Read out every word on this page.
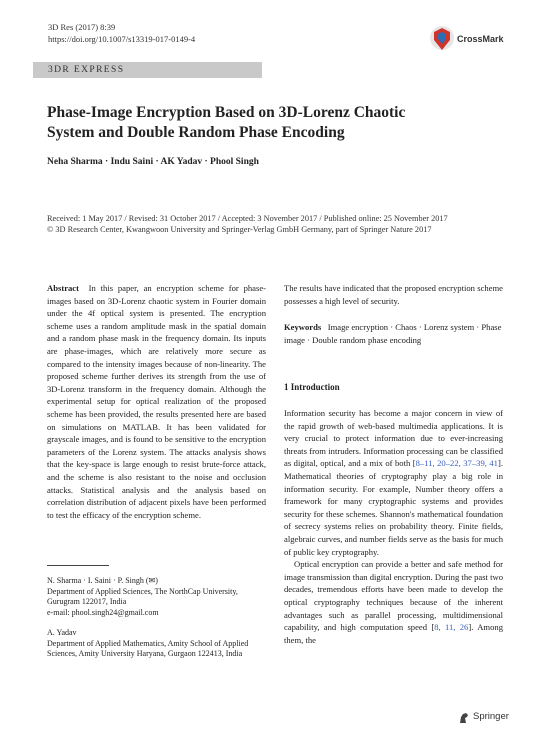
3D Res (2017) 8:39
https://doi.org/10.1007/s13319-017-0149-4	CrossMark
3DR EXPRESS
Phase-Image Encryption Based on 3D-Lorenz Chaotic System and Double Random Phase Encoding
Neha Sharma · Indu Saini · AK Yadav · Phool Singh
Received: 1 May 2017 / Revised: 31 October 2017 / Accepted: 3 November 2017 / Published online: 25 November 2017
© 3D Research Center, Kwangwoon University and Springer-Verlag GmbH Germany, part of Springer Nature 2017

Abstract In this paper, an encryption scheme for phase-images based on 3D-Lorenz chaotic system in Fourier domain under the 4f optical system is presented. The encryption scheme uses a random amplitude mask in the spatial domain and a random phase mask in the frequency domain. Its inputs are phase-images, which are relatively more secure as compared to the intensity images because of non-linearity. The proposed scheme further derives its strength from the use of 3D-Lorenz transform in the frequency domain. Although the experimental setup for optical realization of the proposed scheme has been provided, the results presented here are based on simulations on MATLAB. It has been validated for grayscale images, and is found to be sensitive to the encryption parameters of the Lorenz system. The attacks analysis shows that the key-space is large enough to resist brute-force attack, and the scheme is also resistant to the noise and occlusion attacks. Statistical analysis and the analysis based on correlation distribution of adjacent pixels have been performed to test the efficacy of the encryption scheme.

N. Sharma · I. Saini · P. Singh (✉)
Department of Applied Sciences, The NorthCap University, Gurugram 122017, India
e-mail: phool.singh24@gmail.com
A. Yadav
Department of Applied Mathematics, Amity School of Applied Sciences, Amity University Haryana, Gurgaon 122413, India

The results have indicated that the proposed encryption scheme possesses a high level of security.

Keywords Image encryption · Chaos · Lorenz system · Phase image · Double random phase encoding

1 Introduction

Information security has become a major concern in view of the rapid growth of web-based multimedia applications. It is very crucial to protect information due to ever-increasing threats from intruders. Information processing can be classified as digital, optical, and a mix of both [8–11, 20–22, 37–39, 41]. Mathematical theories of cryptography play a big role in information security. For example, Number theory offers a framework for many cryptographic systems and provides security for these schemes. Shannon's mathematical foundation of secrecy systems relies on probability theory. Finite fields, algebraic curves, and number fields serve as the basis for much of public key cryptography.

Optical encryption can provide a better and safe method for image transmission than digital encryption. During the past two decades, tremendous efforts have been made to develop the optical cryptography techniques because of the inherent advantages such as parallel processing, multidimensional capability, and high computation speed [8, 11, 26]. Among them, the

Springer
